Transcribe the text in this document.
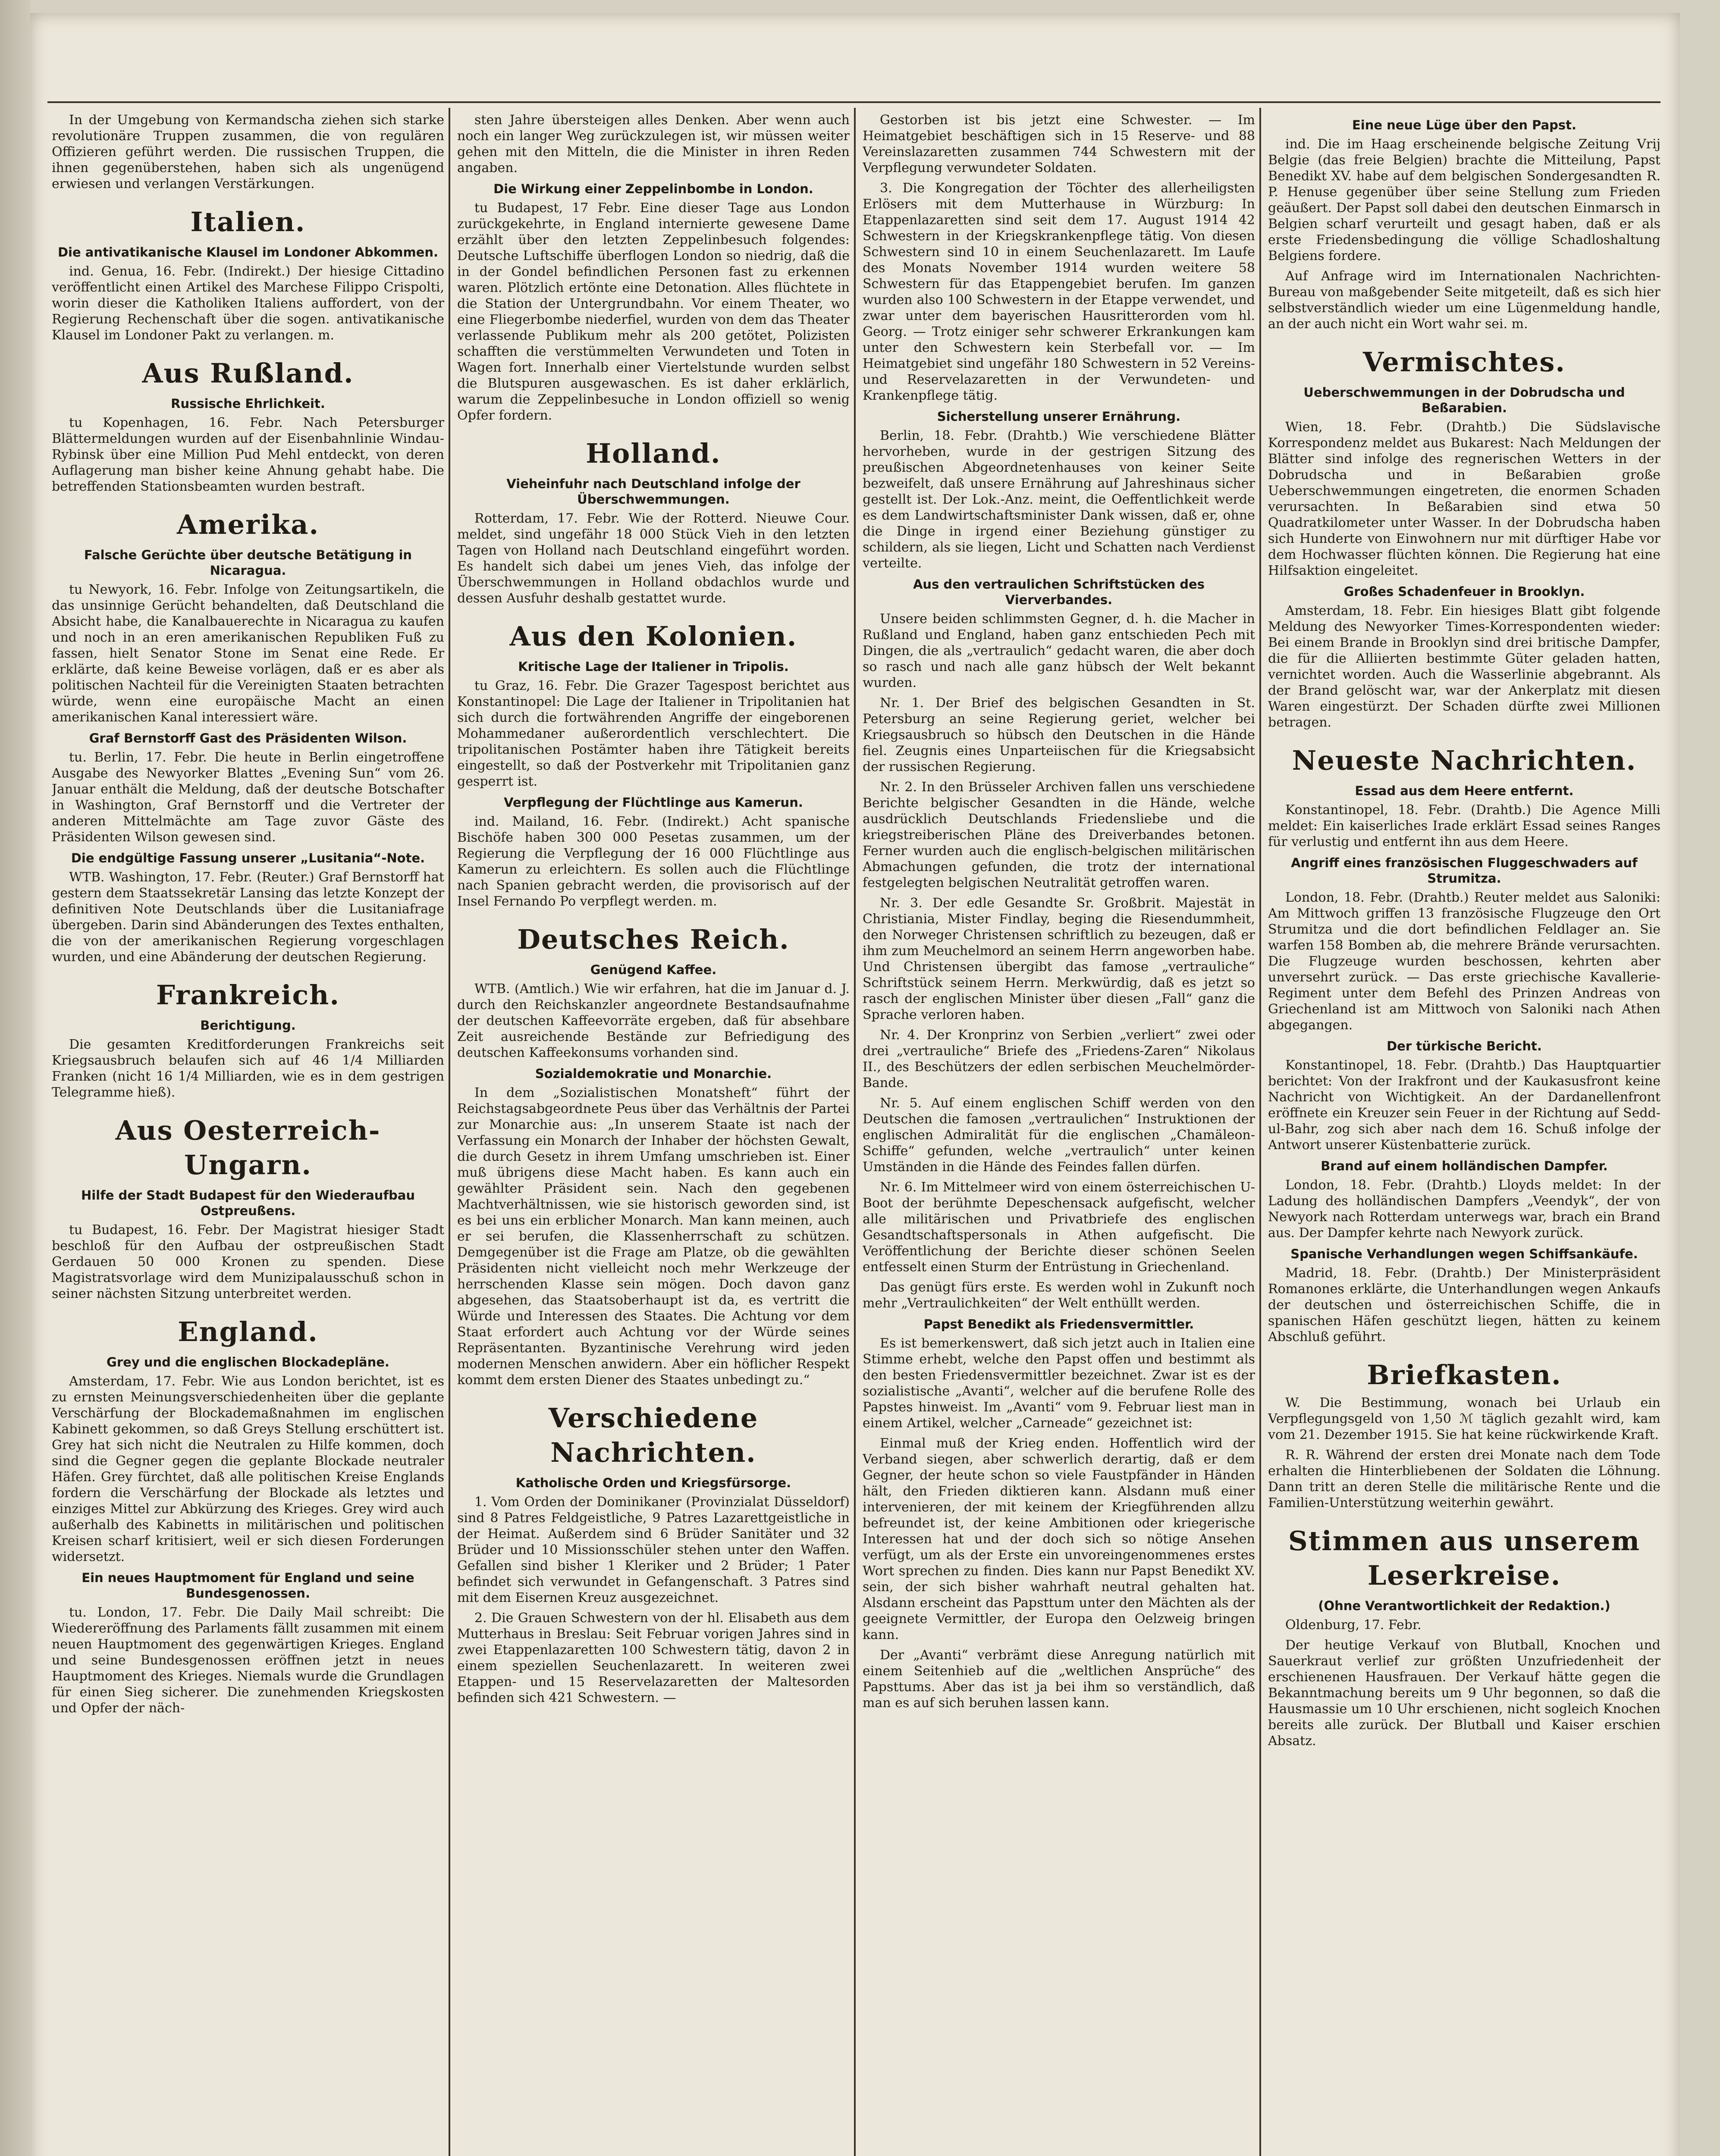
In der Umgebung von Kermandscha ziehen sich starke revolutionäre Truppen zusammen, die von regulären Offizieren geführt werden. Die russischen Truppen, die ihnen gegenüberstehen, haben sich als ungenügend erwiesen und verlangen Verstärkungen.
Italien.
Die antivatikanische Klausel im Londoner Abkommen.
ind. Genua, 16. Febr. (Indirekt.) Der hiesige Cittadino veröffentlicht einen Artikel des Marchese Filippo Crispolti, worin dieser die Katholiken Italiens auffordert, von der Regierung Rechenschaft über die sogen. antivatikanische Klausel im Londoner Pakt zu verlangen. m.
Aus Rußland.
Russische Ehrlichkeit.
tu Kopenhagen, 16. Febr. Nach Petersburger Blättermeldungen wurden auf der Eisenbahnlinie Windau-Rybinsk über eine Million Pud Mehl entdeckt, von deren Auflagerung man bisher keine Ahnung gehabt habe. Die betreffenden Stationsbeamten wurden bestraft.
Amerika.
Falsche Gerüchte über deutsche Betätigung in Nicaragua.
tu Newyork, 16. Febr. Infolge von Zeitungsartikeln, die das unsinnige Gerücht behandelten, daß Deutschland die Absicht habe, die Kanalbauerechte in Nicaragua zu kaufen und noch in an eren amerikanischen Republiken Fuß zu fassen, hielt Senator Stone im Senat eine Rede. Er erklärte, daß keine Beweise vorlägen, daß er es aber als politischen Nachteil für die Vereinigten Staaten betrachten würde, wenn eine europäische Macht an einen amerikanischen Kanal interessiert wäre.
Graf Bernstorff Gast des Präsidenten Wilson.
tu. Berlin, 17. Febr. Die heute in Berlin eingetroffene Ausgabe des Newyorker Blattes „Evening Sun“ vom 26. Januar enthält die Meldung, daß der deutsche Botschafter in Washington, Graf Bernstorff und die Vertreter der anderen Mittelmächte am Tage zuvor Gäste des Präsidenten Wilson gewesen sind.
Die endgültige Fassung unserer „Lusitania“-Note.
WTB. Washington, 17. Febr. (Reuter.) Graf Bernstorff hat gestern dem Staatssekretär Lansing das letzte Konzept der definitiven Note Deutschlands über die Lusitaniafrage übergeben. Darin sind Abänderungen des Textes enthalten, die von der amerikanischen Regierung vorgeschlagen wurden, und eine Abänderung der deutschen Regierung.
Frankreich.
Berichtigung.
Die gesamten Kreditforderungen Frankreichs seit Kriegsausbruch belaufen sich auf 46 1/4 Milliarden Franken (nicht 16 1/4 Milliarden, wie es in dem gestrigen Telegramme hieß).
Aus Oesterreich-Ungarn.
Hilfe der Stadt Budapest für den Wiederaufbau Ostpreußens.
tu Budapest, 16. Febr. Der Magistrat hiesiger Stadt beschloß für den Aufbau der ostpreußischen Stadt Gerdauen 50 000 Kronen zu spenden. Diese Magistratsvorlage wird dem Munizipalausschuß schon in seiner nächsten Sitzung unterbreitet werden.
England.
Grey und die englischen Blockadepläne.
Amsterdam, 17. Febr. Wie aus London berichtet, ist es zu ernsten Meinungsverschiedenheiten über die geplante Verschärfung der Blockademaßnahmen im englischen Kabinett gekommen, so daß Greys Stellung erschüttert ist. Grey hat sich nicht die Neutralen zu Hilfe kommen, doch sind die Gegner gegen die geplante Blockade neutraler Häfen. Grey fürchtet, daß alle politischen Kreise Englands fordern die Verschärfung der Blockade als letztes und einziges Mittel zur Abkürzung des Krieges. Grey wird auch außerhalb des Kabinetts in militärischen und politischen Kreisen scharf kritisiert, weil er sich diesen Forderungen widersetzt.
Ein neues Hauptmoment für England und seine Bundesgenossen.
tu. London, 17. Febr. Die Daily Mail schreibt: Die Wiedereröffnung des Parlaments fällt zusammen mit einem neuen Hauptmoment des gegenwärtigen Krieges. England und seine Bundesgenossen eröffnen jetzt in neues Hauptmoment des Krieges. Niemals wurde die Grundlagen für einen Sieg sicherer. Die zunehmenden Kriegskosten und Opfer der näch-
sten Jahre übersteigen alles Denken. Aber wenn auch noch ein langer Weg zurückzulegen ist, wir müssen weiter gehen mit den Mitteln, die die Minister in ihren Reden angaben.
Die Wirkung einer Zeppelinbombe in London.
tu Budapest, 17 Febr. Eine dieser Tage aus London zurückgekehrte, in England internierte gewesene Dame erzählt über den letzten Zeppelinbesuch folgendes: Deutsche Luftschiffe überflogen London so niedrig, daß die in der Gondel befindlichen Personen fast zu erkennen waren. Plötzlich ertönte eine Detonation. Alles flüchtete in die Station der Untergrundbahn. Vor einem Theater, wo eine Fliegerbombe niederfiel, wurden von dem das Theater verlassende Publikum mehr als 200 getötet, Polizisten schafften die verstümmelten Verwundeten und Toten in Wagen fort. Innerhalb einer Viertelstunde wurden selbst die Blutspuren ausgewaschen. Es ist daher erklärlich, warum die Zeppelinbesuche in London offiziell so wenig Opfer fordern.
Holland.
Vieheinfuhr nach Deutschland infolge der Überschwemmungen.
Rotterdam, 17. Febr. Wie der Rotterd. Nieuwe Cour. meldet, sind ungefähr 18 000 Stück Vieh in den letzten Tagen von Holland nach Deutschland eingeführt worden. Es handelt sich dabei um jenes Vieh, das infolge der Überschwemmungen in Holland obdachlos wurde und dessen Ausfuhr deshalb gestattet wurde.
Aus den Kolonien.
Kritische Lage der Italiener in Tripolis.
tu Graz, 16. Febr. Die Grazer Tagespost berichtet aus Konstantinopel: Die Lage der Italiener in Tripolitanien hat sich durch die fortwährenden Angriffe der eingeborenen Mohammedaner außerordentlich verschlechtert. Die tripolitanischen Postämter haben ihre Tätigkeit bereits eingestellt, so daß der Postverkehr mit Tripolitanien ganz gesperrt ist.
Verpflegung der Flüchtlinge aus Kamerun.
ind. Mailand, 16. Febr. (Indirekt.) Acht spanische Bischöfe haben 300 000 Pesetas zusammen, um der Regierung die Verpflegung der 16 000 Flüchtlinge aus Kamerun zu erleichtern. Es sollen auch die Flüchtlinge nach Spanien gebracht werden, die provisorisch auf der Insel Fernando Po verpflegt werden. m.
Deutsches Reich.
Genügend Kaffee.
WTB. (Amtlich.) Wie wir erfahren, hat die im Januar d. J. durch den Reichskanzler angeordnete Bestandsaufnahme der deutschen Kaffeevorräte ergeben, daß für absehbare Zeit ausreichende Bestände zur Befriedigung des deutschen Kaffeekonsums vorhanden sind.
Sozialdemokratie und Monarchie.
In dem „Sozialistischen Monatsheft“ führt der Reichstagsabgeordnete Peus über das Verhältnis der Partei zur Monarchie aus: „In unserem Staate ist nach der Verfassung ein Monarch der Inhaber der höchsten Gewalt, die durch Gesetz in ihrem Umfang umschrieben ist. Einer muß übrigens diese Macht haben. Es kann auch ein gewählter Präsident sein. Nach den gegebenen Machtverhältnissen, wie sie historisch geworden sind, ist es bei uns ein erblicher Monarch. Man kann meinen, auch er sei berufen, die Klassenherrschaft zu schützen. Demgegenüber ist die Frage am Platze, ob die gewählten Präsidenten nicht vielleicht noch mehr Werkzeuge der herrschenden Klasse sein mögen. Doch davon ganz abgesehen, das Staatsoberhaupt ist da, es vertritt die Würde und Interessen des Staates. Die Achtung vor dem Staat erfordert auch Achtung vor der Würde seines Repräsentanten. Byzantinische Verehrung wird jeden modernen Menschen anwidern. Aber ein höflicher Respekt kommt dem ersten Diener des Staates unbedingt zu.“
Verschiedene Nachrichten.
Katholische Orden und Kriegsfürsorge.
1. Vom Orden der Dominikaner (Provinzialat Düsseldorf) sind 8 Patres Feldgeistliche, 9 Patres Lazarettgeistliche in der Heimat. Außerdem sind 6 Brüder Sanitäter und 32 Brüder und 10 Missionsschüler stehen unter den Waffen. Gefallen sind bisher 1 Kleriker und 2 Brüder; 1 Pater befindet sich verwundet in Gefangenschaft. 3 Patres sind mit dem Eisernen Kreuz ausgezeichnet.
2. Die Grauen Schwestern von der hl. Elisabeth aus dem Mutterhaus in Breslau: Seit Februar vorigen Jahres sind in zwei Etappenlazaretten 100 Schwestern tätig, davon 2 in einem speziellen Seuchenlazarett. In weiteren zwei Etappen- und 15 Reservelazaretten der Maltesorden befinden sich 421 Schwestern. —
Gestorben ist bis jetzt eine Schwester. — Im Heimatgebiet beschäftigen sich in 15 Reserve- und 88 Vereinslazaretten zusammen 744 Schwestern mit der Verpflegung verwundeter Soldaten.
3. Die Kongregation der Töchter des allerheiligsten Erlösers mit dem Mutterhause in Würzburg: In Etappenlazaretten sind seit dem 17. August 1914 42 Schwestern in der Kriegskrankenpflege tätig. Von diesen Schwestern sind 10 in einem Seuchenlazarett. Im Laufe des Monats November 1914 wurden weitere 58 Schwestern für das Etappengebiet berufen. Im ganzen wurden also 100 Schwestern in der Etappe verwendet, und zwar unter dem bayerischen Hausritterorden vom hl. Georg. — Trotz einiger sehr schwerer Erkrankungen kam unter den Schwestern kein Sterbefall vor. — Im Heimatgebiet sind ungefähr 180 Schwestern in 52 Vereins- und Reservelazaretten in der Verwundeten- und Krankenpflege tätig.
Sicherstellung unserer Ernährung.
Berlin, 18. Febr. (Drahtb.) Wie verschiedene Blätter hervorheben, wurde in der gestrigen Sitzung des preußischen Abgeordnetenhauses von keiner Seite bezweifelt, daß unsere Ernährung auf Jahreshinaus sicher gestellt ist. Der Lok.-Anz. meint, die Oeffentlichkeit werde es dem Landwirtschaftsminister Dank wissen, daß er, ohne die Dinge in irgend einer Beziehung günstiger zu schildern, als sie liegen, Licht und Schatten nach Verdienst verteilte.
Aus den vertraulichen Schriftstücken des Vierverbandes.
Unsere beiden schlimmsten Gegner, d. h. die Macher in Rußland und England, haben ganz entschieden Pech mit Dingen, die als „vertraulich“ gedacht waren, die aber doch so rasch und nach alle ganz hübsch der Welt bekannt wurden.
Nr. 1. Der Brief des belgischen Gesandten in St. Petersburg an seine Regierung geriet, welcher bei Kriegsausbruch so hübsch den Deutschen in die Hände fiel. Zeugnis eines Unparteiischen für die Kriegsabsicht der russischen Regierung.
Nr. 2. In den Brüsseler Archiven fallen uns verschiedene Berichte belgischer Gesandten in die Hände, welche ausdrücklich Deutschlands Friedensliebe und die kriegstreiberischen Pläne des Dreiverbandes betonen. Ferner wurden auch die englisch-belgischen militärischen Abmachungen gefunden, die trotz der international festgelegten belgischen Neutralität getroffen waren.
Nr. 3. Der edle Gesandte Sr. Großbrit. Majestät in Christiania, Mister Findlay, beging die Riesendummheit, den Norweger Christensen schriftlich zu bezeugen, daß er ihm zum Meuchelmord an seinem Herrn angeworben habe. Und Christensen übergibt das famose „vertrauliche“ Schriftstück seinem Herrn. Merkwürdig, daß es jetzt so rasch der englischen Minister über diesen „Fall“ ganz die Sprache verloren haben.
Nr. 4. Der Kronprinz von Serbien „verliert“ zwei oder drei „vertrauliche“ Briefe des „Friedens-Zaren“ Nikolaus II., des Beschützers der edlen serbischen Meuchelmörder-Bande.
Nr. 5. Auf einem englischen Schiff werden von den Deutschen die famosen „vertraulichen“ Instruktionen der englischen Admiralität für die englischen „Chamäleon-Schiffe“ gefunden, welche „vertraulich“ unter keinen Umständen in die Hände des Feindes fallen dürfen.
Nr. 6. Im Mittelmeer wird von einem österreichischen U-Boot der berühmte Depeschensack aufgefischt, welcher alle militärischen und Privatbriefe des englischen Gesandtschaftspersonals in Athen aufgefischt. Die Veröffentlichung der Berichte dieser schönen Seelen entfesselt einen Sturm der Entrüstung in Griechenland.
Das genügt fürs erste. Es werden wohl in Zukunft noch mehr „Vertraulichkeiten“ der Welt enthüllt werden.
Papst Benedikt als Friedensvermittler.
Es ist bemerkenswert, daß sich jetzt auch in Italien eine Stimme erhebt, welche den Papst offen und bestimmt als den besten Friedensvermittler bezeichnet. Zwar ist es der sozialistische „Avanti“, welcher auf die berufene Rolle des Papstes hinweist. Im „Avanti“ vom 9. Februar liest man in einem Artikel, welcher „Carneade“ gezeichnet ist:
Einmal muß der Krieg enden. Hoffentlich wird der Verband siegen, aber schwerlich derartig, daß er dem Gegner, der heute schon so viele Faustpfänder in Händen hält, den Frieden diktieren kann. Alsdann muß einer intervenieren, der mit keinem der Kriegführenden allzu befreundet ist, der keine Ambitionen oder kriegerische Interessen hat und der doch sich so nötige Ansehen verfügt, um als der Erste ein unvoreingenommenes erstes Wort sprechen zu finden. Dies kann nur Papst Benedikt XV. sein, der sich bisher wahrhaft neutral gehalten hat. Alsdann erscheint das Papsttum unter den Mächten als der geeignete Vermittler, der Europa den Oelzweig bringen kann.
Der „Avanti“ verbrämt diese Anregung natürlich mit einem Seitenhieb auf die „weltlichen Ansprüche“ des Papsttums. Aber das ist ja bei ihm so verständlich, daß man es auf sich beruhen lassen kann.
Eine neue Lüge über den Papst.
ind. Die im Haag erscheinende belgische Zeitung Vrij Belgie (das freie Belgien) brachte die Mitteilung, Papst Benedikt XV. habe auf dem belgischen Sondergesandten R. P. Henuse gegenüber über seine Stellung zum Frieden geäußert. Der Papst soll dabei den deutschen Einmarsch in Belgien scharf verurteilt und gesagt haben, daß er als erste Friedensbedingung die völlige Schadloshaltung Belgiens fordere.
Auf Anfrage wird im Internationalen Nachrichten-Bureau von maßgebender Seite mitgeteilt, daß es sich hier selbstverständlich wieder um eine Lügenmeldung handle, an der auch nicht ein Wort wahr sei. m.
Vermischtes.
Ueberschwemmungen in der Dobrudscha und Beßarabien.
Wien, 18. Febr. (Drahtb.) Die Südslavische Korrespondenz meldet aus Bukarest: Nach Meldungen der Blätter sind infolge des regnerischen Wetters in der Dobrudscha und in Beßarabien große Ueberschwemmungen eingetreten, die enormen Schaden verursachten. In Beßarabien sind etwa 50 Quadratkilometer unter Wasser. In der Dobrudscha haben sich Hunderte von Einwohnern nur mit dürftiger Habe vor dem Hochwasser flüchten können. Die Regierung hat eine Hilfsaktion eingeleitet.
Großes Schadenfeuer in Brooklyn.
Amsterdam, 18. Febr. Ein hiesiges Blatt gibt folgende Meldung des Newyorker Times-Korrespondenten wieder: Bei einem Brande in Brooklyn sind drei britische Dampfer, die für die Alliierten bestimmte Güter geladen hatten, vernichtet worden. Auch die Wasserlinie abgebrannt. Als der Brand gelöscht war, war der Ankerplatz mit diesen Waren eingestürzt. Der Schaden dürfte zwei Millionen betragen.
Neueste Nachrichten.
Essad aus dem Heere entfernt.
Konstantinopel, 18. Febr. (Drahtb.) Die Agence Milli meldet: Ein kaiserliches Irade erklärt Essad seines Ranges für verlustig und entfernt ihn aus dem Heere.
Angriff eines französischen Fluggeschwaders auf Strumitza.
London, 18. Febr. (Drahtb.) Reuter meldet aus Saloniki: Am Mittwoch griffen 13 französische Flugzeuge den Ort Strumitza und die dort befindlichen Feldlager an. Sie warfen 158 Bomben ab, die mehrere Brände verursachten. Die Flugzeuge wurden beschossen, kehrten aber unversehrt zurück. — Das erste griechische Kavallerie-Regiment unter dem Befehl des Prinzen Andreas von Griechenland ist am Mittwoch von Saloniki nach Athen abgegangen.
Der türkische Bericht.
Konstantinopel, 18. Febr. (Drahtb.) Das Hauptquartier berichtet: Von der Irakfront und der Kaukasusfront keine Nachricht von Wichtigkeit. An der Dardanellenfront eröffnete ein Kreuzer sein Feuer in der Richtung auf Sedd-ul-Bahr, zog sich aber nach dem 16. Schuß infolge der Antwort unserer Küstenbatterie zurück.
Brand auf einem holländischen Dampfer.
London, 18. Febr. (Drahtb.) Lloyds meldet: In der Ladung des holländischen Dampfers „Veendyk“, der von Newyork nach Rotterdam unterwegs war, brach ein Brand aus. Der Dampfer kehrte nach Newyork zurück.
Spanische Verhandlungen wegen Schiffsankäufe.
Madrid, 18. Febr. (Drahtb.) Der Ministerpräsident Romanones erklärte, die Unterhandlungen wegen Ankaufs der deutschen und österreichischen Schiffe, die in spanischen Häfen geschützt liegen, hätten zu keinem Abschluß geführt.
Briefkasten.
W. Die Bestimmung, wonach bei Urlaub ein Verpflegungsgeld von 1,50 ℳ täglich gezahlt wird, kam vom 21. Dezember 1915. Sie hat keine rückwirkende Kraft.
R. R. Während der ersten drei Monate nach dem Tode erhalten die Hinterbliebenen der Soldaten die Löhnung. Dann tritt an deren Stelle die militärische Rente und die Familien-Unterstützung weiterhin gewährt.
Stimmen aus unserem Leserkreise.
(Ohne Verantwortlichkeit der Redaktion.)
Oldenburg, 17. Febr.
Der heutige Verkauf von Blutball, Knochen und Sauerkraut verlief zur größten Unzufriedenheit der erschienenen Hausfrauen. Der Verkauf hätte gegen die Bekanntmachung bereits um 9 Uhr begonnen, so daß die Hausmassie um 10 Uhr erschienen, nicht sogleich Knochen bereits alle zurück. Der Blutball und Kaiser erschien Absatz.
